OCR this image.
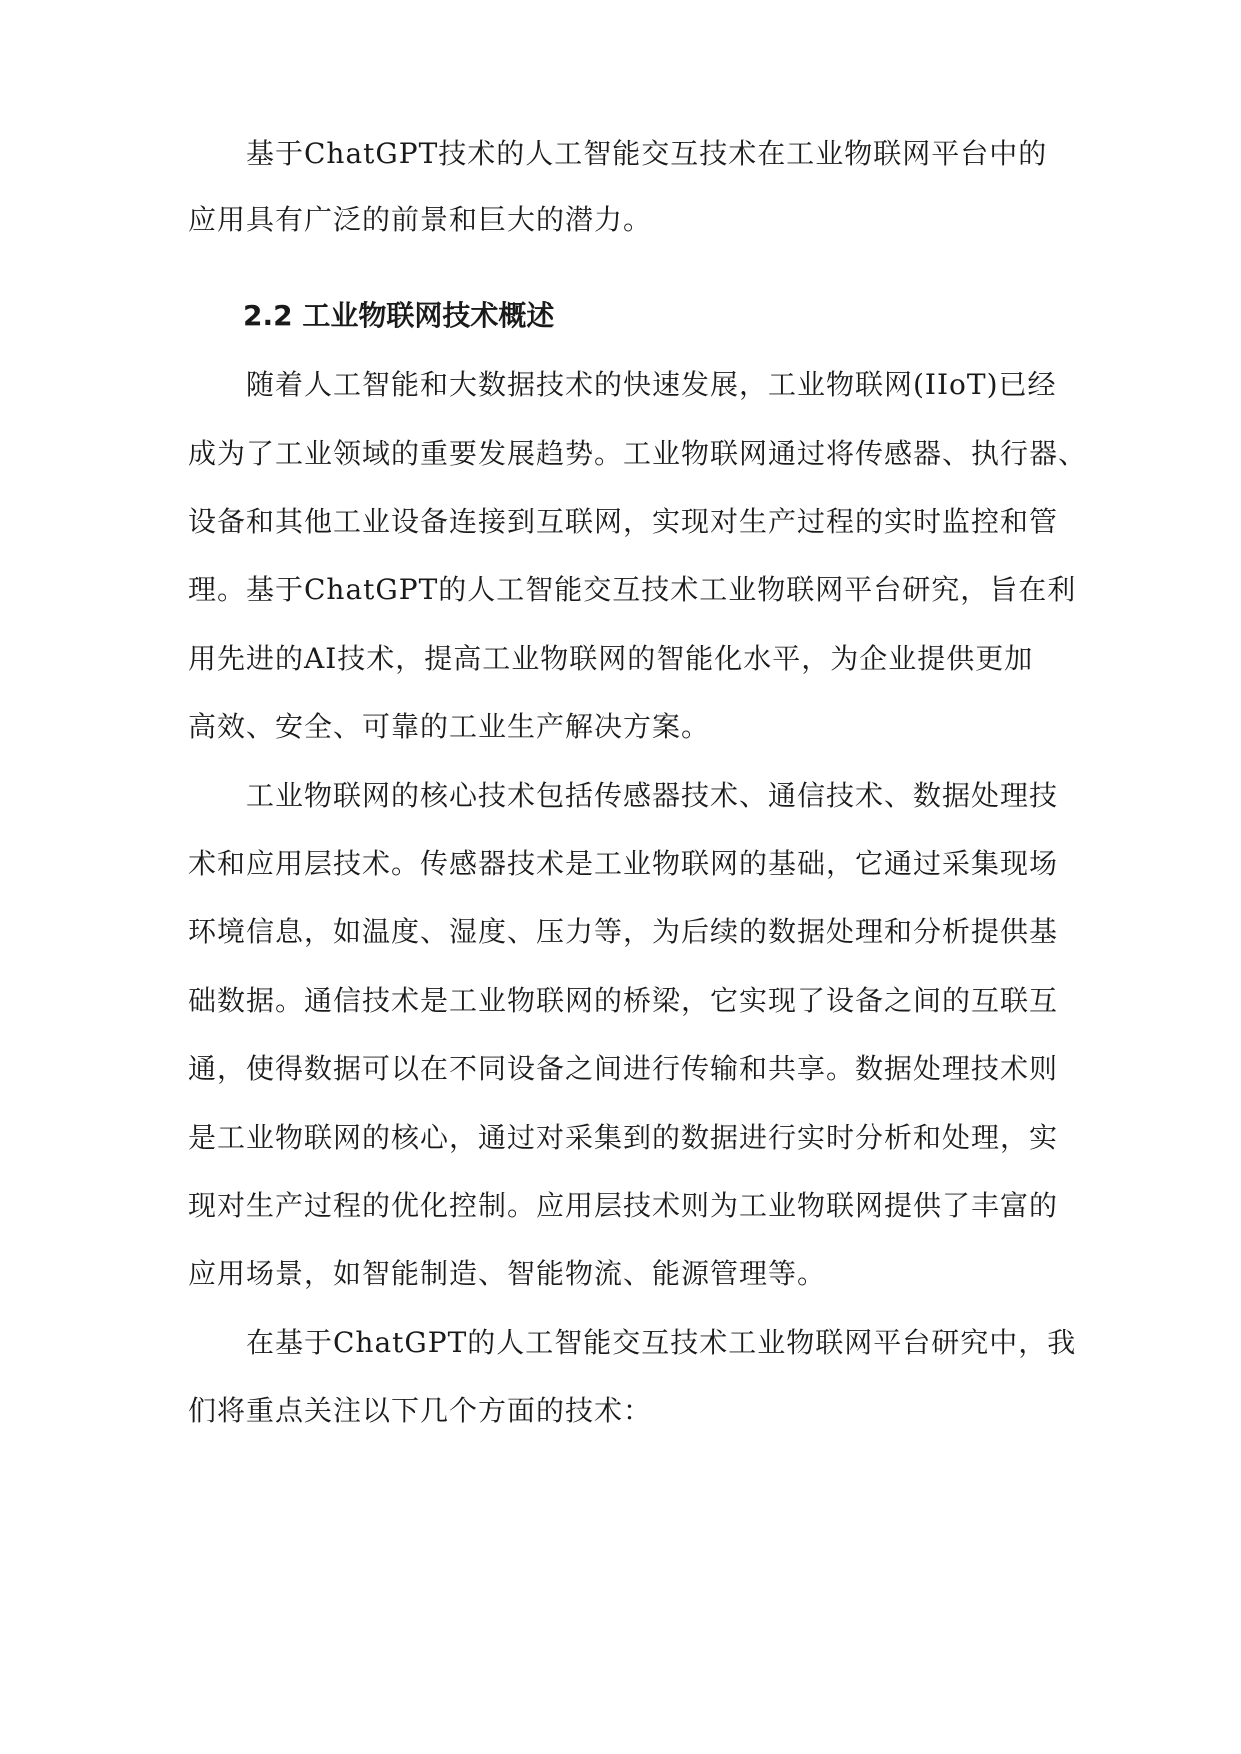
基于ChatGPT技术的人工智能交互技术在工业物联网平台中的
应用具有广泛的前景和巨大的潜力。
2.2 工业物联网技术概述
随着人工智能和大数据技术的快速发展，工业物联网(IIoT)已经
成为了工业领域的重要发展趋势。工业物联网通过将传感器、执行器、
设备和其他工业设备连接到互联网，实现对生产过程的实时监控和管
理。基于ChatGPT的人工智能交互技术工业物联网平台研究，旨在利
用先进的AI技术，提高工业物联网的智能化水平，为企业提供更加
高效、安全、可靠的工业生产解决方案。
工业物联网的核心技术包括传感器技术、通信技术、数据处理技
术和应用层技术。传感器技术是工业物联网的基础，它通过采集现场
环境信息，如温度、湿度、压力等，为后续的数据处理和分析提供基
础数据。通信技术是工业物联网的桥梁，它实现了设备之间的互联互
通，使得数据可以在不同设备之间进行传输和共享。数据处理技术则
是工业物联网的核心，通过对采集到的数据进行实时分析和处理，实
现对生产过程的优化控制。应用层技术则为工业物联网提供了丰富的
应用场景，如智能制造、智能物流、能源管理等。
在基于ChatGPT的人工智能交互技术工业物联网平台研究中，我
们将重点关注以下几个方面的技术：
